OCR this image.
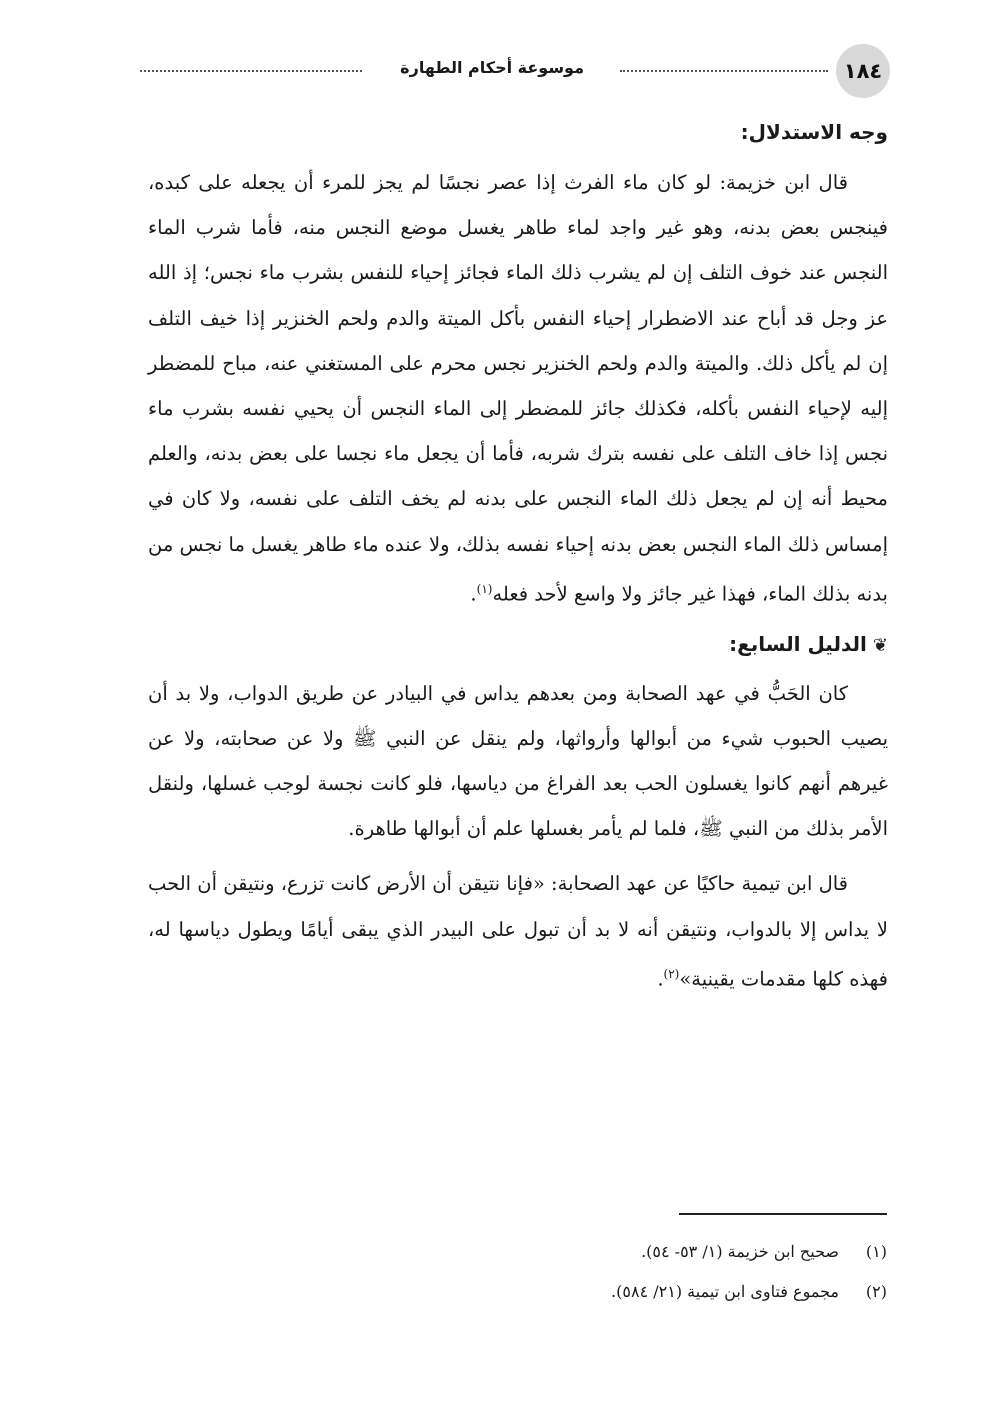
موسوعة أحكام الطهارة	١٨٤
وجه الاستدلال:

قال ابن خزيمة: لو كان ماء الفرث إذا عصر نجسًا لم يجز للمرء أن يجعله على كبده، فينجس بعض بدنه، وهو غير واجد لماء طاهر يغسل موضع النجس منه، فأما شرب الماء النجس عند خوف التلف إن لم يشرب ذلك الماء فجائز إحياء للنفس بشرب ماء نجس؛ إذ الله عز وجل قد أباح عند الاضطرار إحياء النفس بأكل الميتة والدم ولحم الخنزير إذا خيف التلف إن لم يأكل ذلك. والميتة والدم ولحم الخنزير نجس محرم على المستغني عنه، مباح للمضطر إليه لإحياء النفس بأكله، فكذلك جائز للمضطر إلى الماء النجس أن يحيي نفسه بشرب ماء نجس إذا خاف التلف على نفسه بترك شربه، فأما أن يجعل ماء نجسا على بعض بدنه، والعلم محيط أنه إن لم يجعل ذلك الماء النجس على بدنه لم يخف التلف على نفسه، ولا كان في إمساس ذلك الماء النجس بعض بدنه إحياء نفسه بذلك، ولا عنده ماء طاهر يغسل ما نجس من بدنه بذلك الماء، فهذا غير جائز ولا واسع لأحد فعله$^{(١)}$.

❦الدليل السابع:

كان الحَبُّ في عهد الصحابة ومن بعدهم يداس في البيادر عن طريق الدواب، ولا بد أن يصيب الحبوب شيء من أبوالها وأرواثها، ولم ينقل عن النبي ﷺ ولا عن صحابته، ولا عن غيرهم أنهم كانوا يغسلون الحب بعد الفراغ من دياسها، فلو كانت نجسة لوجب غسلها، ولنقل الأمر بذلك من النبي ﷺ، فلما لم يأمر بغسلها علم أن أبوالها طاهرة.

قال ابن تيمية حاكيًا عن عهد الصحابة: «فإنا نتيقن أن الأرض كانت تزرع، ونتيقن أن الحب لا يداس إلا بالدواب، ونتيقن أنه لا بد أن تبول على البيدر الذي يبقى أيامًا ويطول دياسها له، فهذه كلها مقدمات يقينية»$^{(٢)}$.

(١)
صحيح ابن خزيمة (١/ ٥٣- ٥٤).
(٢)
مجموع فتاوى ابن تيمية (٢١/ ٥٨٤).
